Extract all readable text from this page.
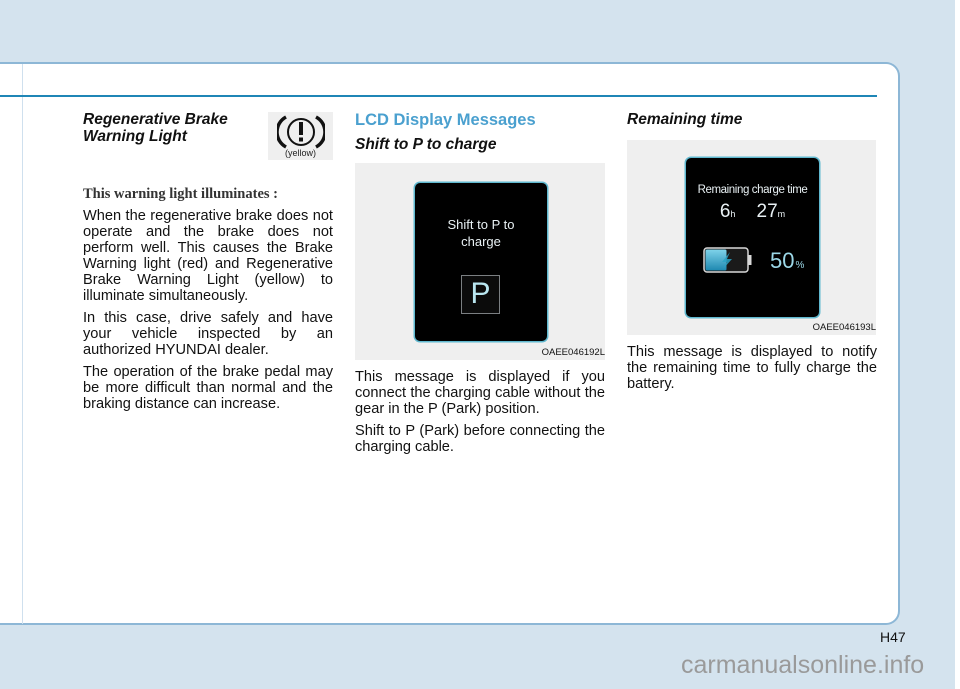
Regenerative Brake
Warning Light

When the regenerative brake does not operate and the brake does not perform well. This causes the Brake Warning light (red) and Regenerative Brake Warning Light (yellow) to illuminate simultaneously.

In this case, drive safely and have your vehicle inspected by an authorized HYUNDAI dealer.

The operation of the brake pedal may be more difficult than normal and the braking distance can increase.

This warning light illuminates :
(yellow)

LCD Display Messages

Shift to P to charge

Shift to P to
charge
P
OAEE046192L

This message is displayed if you connect the charging cable without the gear in the P (Park) position.

Shift to P (Park) before connecting the charging cable.

Remaining time

Remaining charge time
6h 27m
50%
OAEE046193L

This message is displayed to notify the remaining time to fully charge the battery.

H47
carmanualsonline.info
